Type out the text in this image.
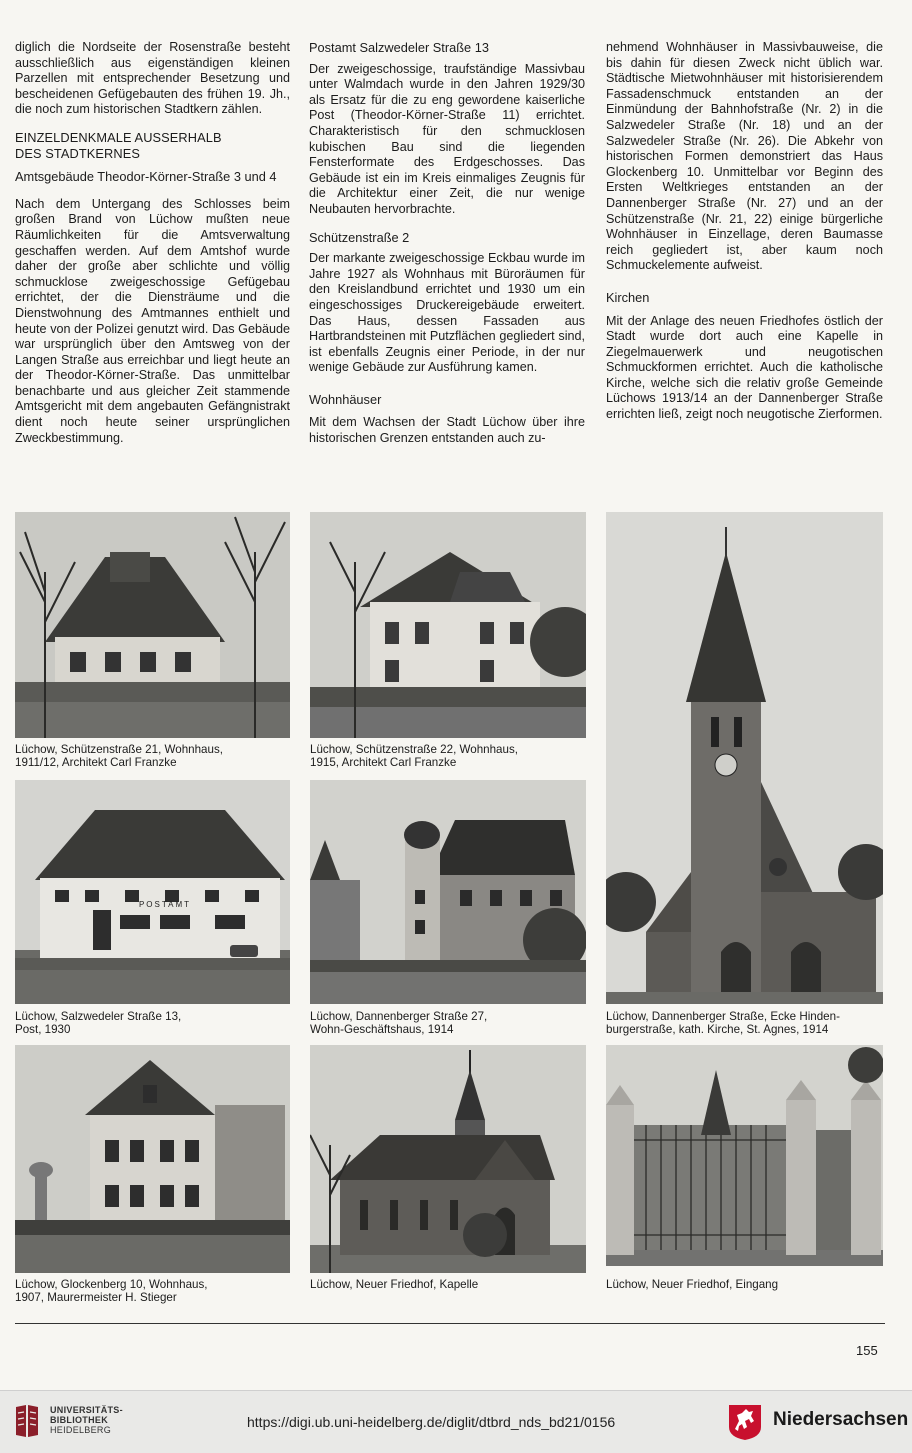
diglich die Nordseite der Rosenstraße besteht ausschließlich aus eigenständigen kleinen Parzellen mit entsprechender Besetzung und bescheidenen Gefügebauten des frühen 19. Jh., die noch zum historischen Stadtkern zählen.

EINZELDENKMALE AUSSERHALB
DES STADTKERNES
Amtsgebäude Theodor-Körner-Straße 3 und 4

Nach dem Untergang des Schlosses beim großen Brand von Lüchow mußten neue Räumlichkeiten für die Amtsverwaltung geschaffen werden. Auf dem Amtshof wurde daher der große aber schlichte und völlig schmucklose zweigeschossige Gefügebau errichtet, der die Diensträume und die Dienstwohnung des Amtmannes enthielt und heute von der Polizei genutzt wird. Das Gebäude war ursprünglich über den Amtsweg von der Langen Straße aus erreichbar und liegt heute an der Theodor-Körner-Straße. Das unmittelbar benachbarte und aus gleicher Zeit stammende Amtsgericht mit dem angebauten Gefängnistrakt dient noch heute seiner ursprünglichen Zweckbestimmung.

Postamt Salzwedeler Straße 13

Der zweigeschossige, traufständige Massivbau unter Walmdach wurde in den Jahren 1929/30 als Ersatz für die zu eng gewordene kaiserliche Post (Theodor-Körner-Straße 11) errichtet. Charakteristisch für den schmucklosen kubischen Bau sind die liegenden Fensterformate des Erdgeschosses. Das Gebäude ist ein im Kreis einmaliges Zeugnis für die Architektur einer Zeit, die nur wenige Neubauten hervorbrachte.

Schützenstraße 2

Der markante zweigeschossige Eckbau wurde im Jahre 1927 als Wohnhaus mit Büroräumen für den Kreislandbund errichtet und 1930 um ein eingeschossiges Druckereigebäude erweitert. Das Haus, dessen Fassaden aus Hartbrandsteinen mit Putzflächen gegliedert sind, ist ebenfalls Zeugnis einer Periode, in der nur wenige Gebäude zur Ausführung kamen.

Wohnhäuser

Mit dem Wachsen der Stadt Lüchow über ihre historischen Grenzen entstanden auch zu-

nehmend Wohnhäuser in Massivbauweise, die bis dahin für diesen Zweck nicht üblich war. Städtische Mietwohnhäuser mit historisierendem Fassadenschmuck entstanden an der Einmündung der Bahnhofstraße (Nr. 2) in die Salzwedeler Straße (Nr. 18) und an der Salzwedeler Straße (Nr. 26). Die Abkehr von historischen Formen demonstriert das Haus Glockenberg 10. Unmittelbar vor Beginn des Ersten Weltkrieges entstanden an der Dannenberger Straße (Nr. 27) und an der Schützenstraße (Nr. 21, 22) einige bürgerliche Wohnhäuser in Einzellage, deren Baumasse reich gegliedert ist, aber kaum noch Schmuckelemente aufweist.

Kirchen

Mit der Anlage des neuen Friedhofes östlich der Stadt wurde dort auch eine Kapelle in Ziegelmauerwerk und neugotischen Schmuckformen errichtet. Auch die katholische Kirche, welche sich die relativ große Gemeinde Lüchows 1913/14 an der Dannenberger Straße errichten ließ, zeigt noch neugotische Zierformen.

Lüchow, Schützenstraße 21, Wohnhaus,
1911/12, Architekt Carl Franzke
Lüchow, Schützenstraße 22, Wohnhaus,
1915, Architekt Carl Franzke
POSTAMT
Lüchow, Salzwedeler Straße 13,
Post, 1930
Lüchow, Dannenberger Straße 27,
Wohn-Geschäftshaus, 1914
Lüchow, Dannenberger Straße, Ecke Hinden-
burgerstraße, kath. Kirche, St. Agnes, 1914
Lüchow, Glockenberg 10, Wohnhaus,
1907, Maurermeister H. Stieger
Lüchow, Neuer Friedhof, Kapelle	Lüchow, Neuer Friedhof, Eingang
155
UNIVERSITÄTS-
BIBLIOTHEK
HEIDELBERG	https://digi.ub.uni-heidelberg.de/diglit/dtbrd_nds_bd21/0156	Niedersachsen
